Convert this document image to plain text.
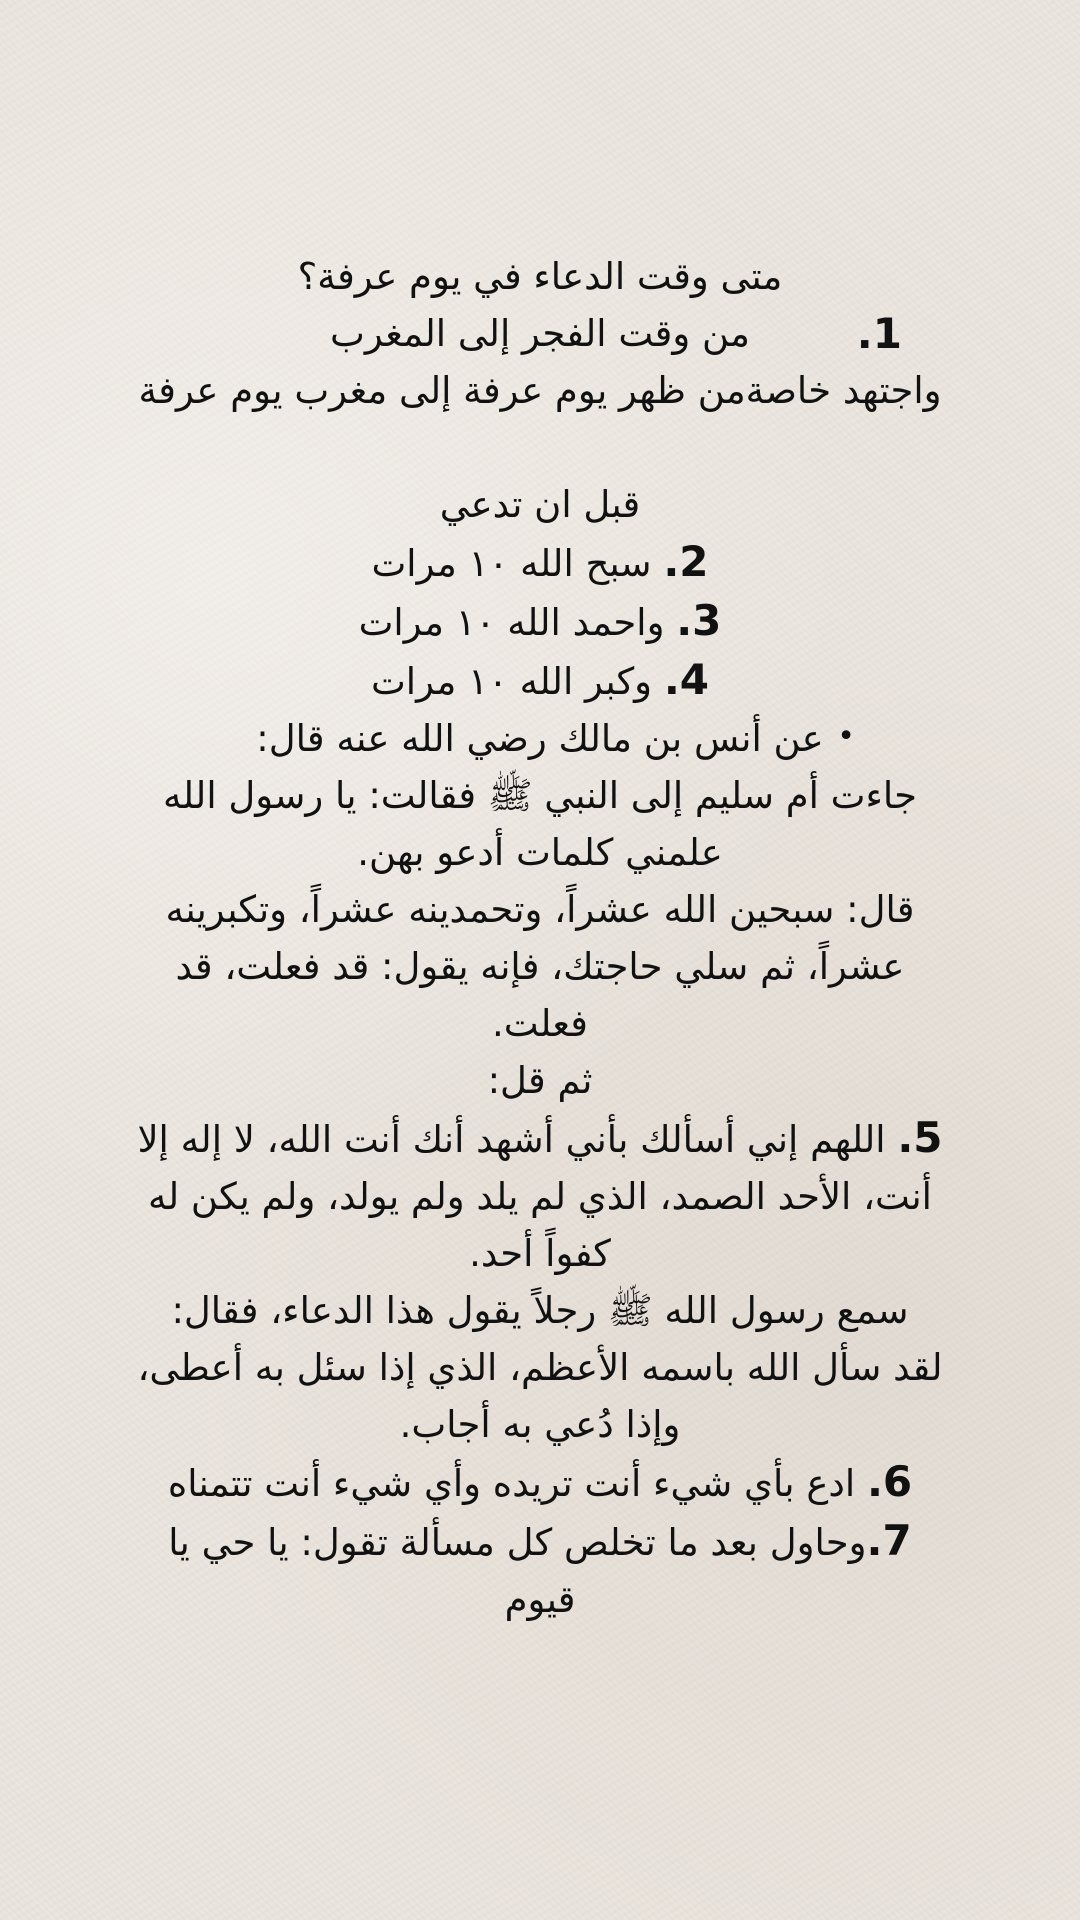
متى وقت الدعاء في يوم عرفة؟
1.
من وقت الفجر إلى المغرب
واجتهد خاصةمن ظهر يوم عرفة إلى مغرب يوم عرفة
قبل ان تدعي
2. سبح الله ١٠ مرات
3. واحمد الله ١٠ مرات
4. وكبر الله ١٠ مرات
•
عن أنس بن مالك رضي الله عنه قال:
جاءت أم سليم إلى النبي ﷺ فقالت: يا رسول الله
علمني كلمات أدعو بهن.
قال: سبحين الله عشراً، وتحمدينه عشراً، وتكبرينه
عشراً، ثم سلي حاجتك، فإنه يقول: قد فعلت، قد
فعلت.
ثم قل:
5. اللهم إني أسألك بأني أشهد أنك أنت الله، لا إله إلا
أنت، الأحد الصمد، الذي لم يلد ولم يولد، ولم يكن له
كفواً أحد.
سمع رسول الله ﷺ رجلاً يقول هذا الدعاء، فقال:
لقد سأل الله باسمه الأعظم، الذي إذا سئل به أعطى،
وإذا دُعي به أجاب.
6. ادع بأي شيء أنت تريده وأي شيء أنت تتمناه
7.وحاول بعد ما تخلص كل مسألة تقول: يا حي يا
قيوم
